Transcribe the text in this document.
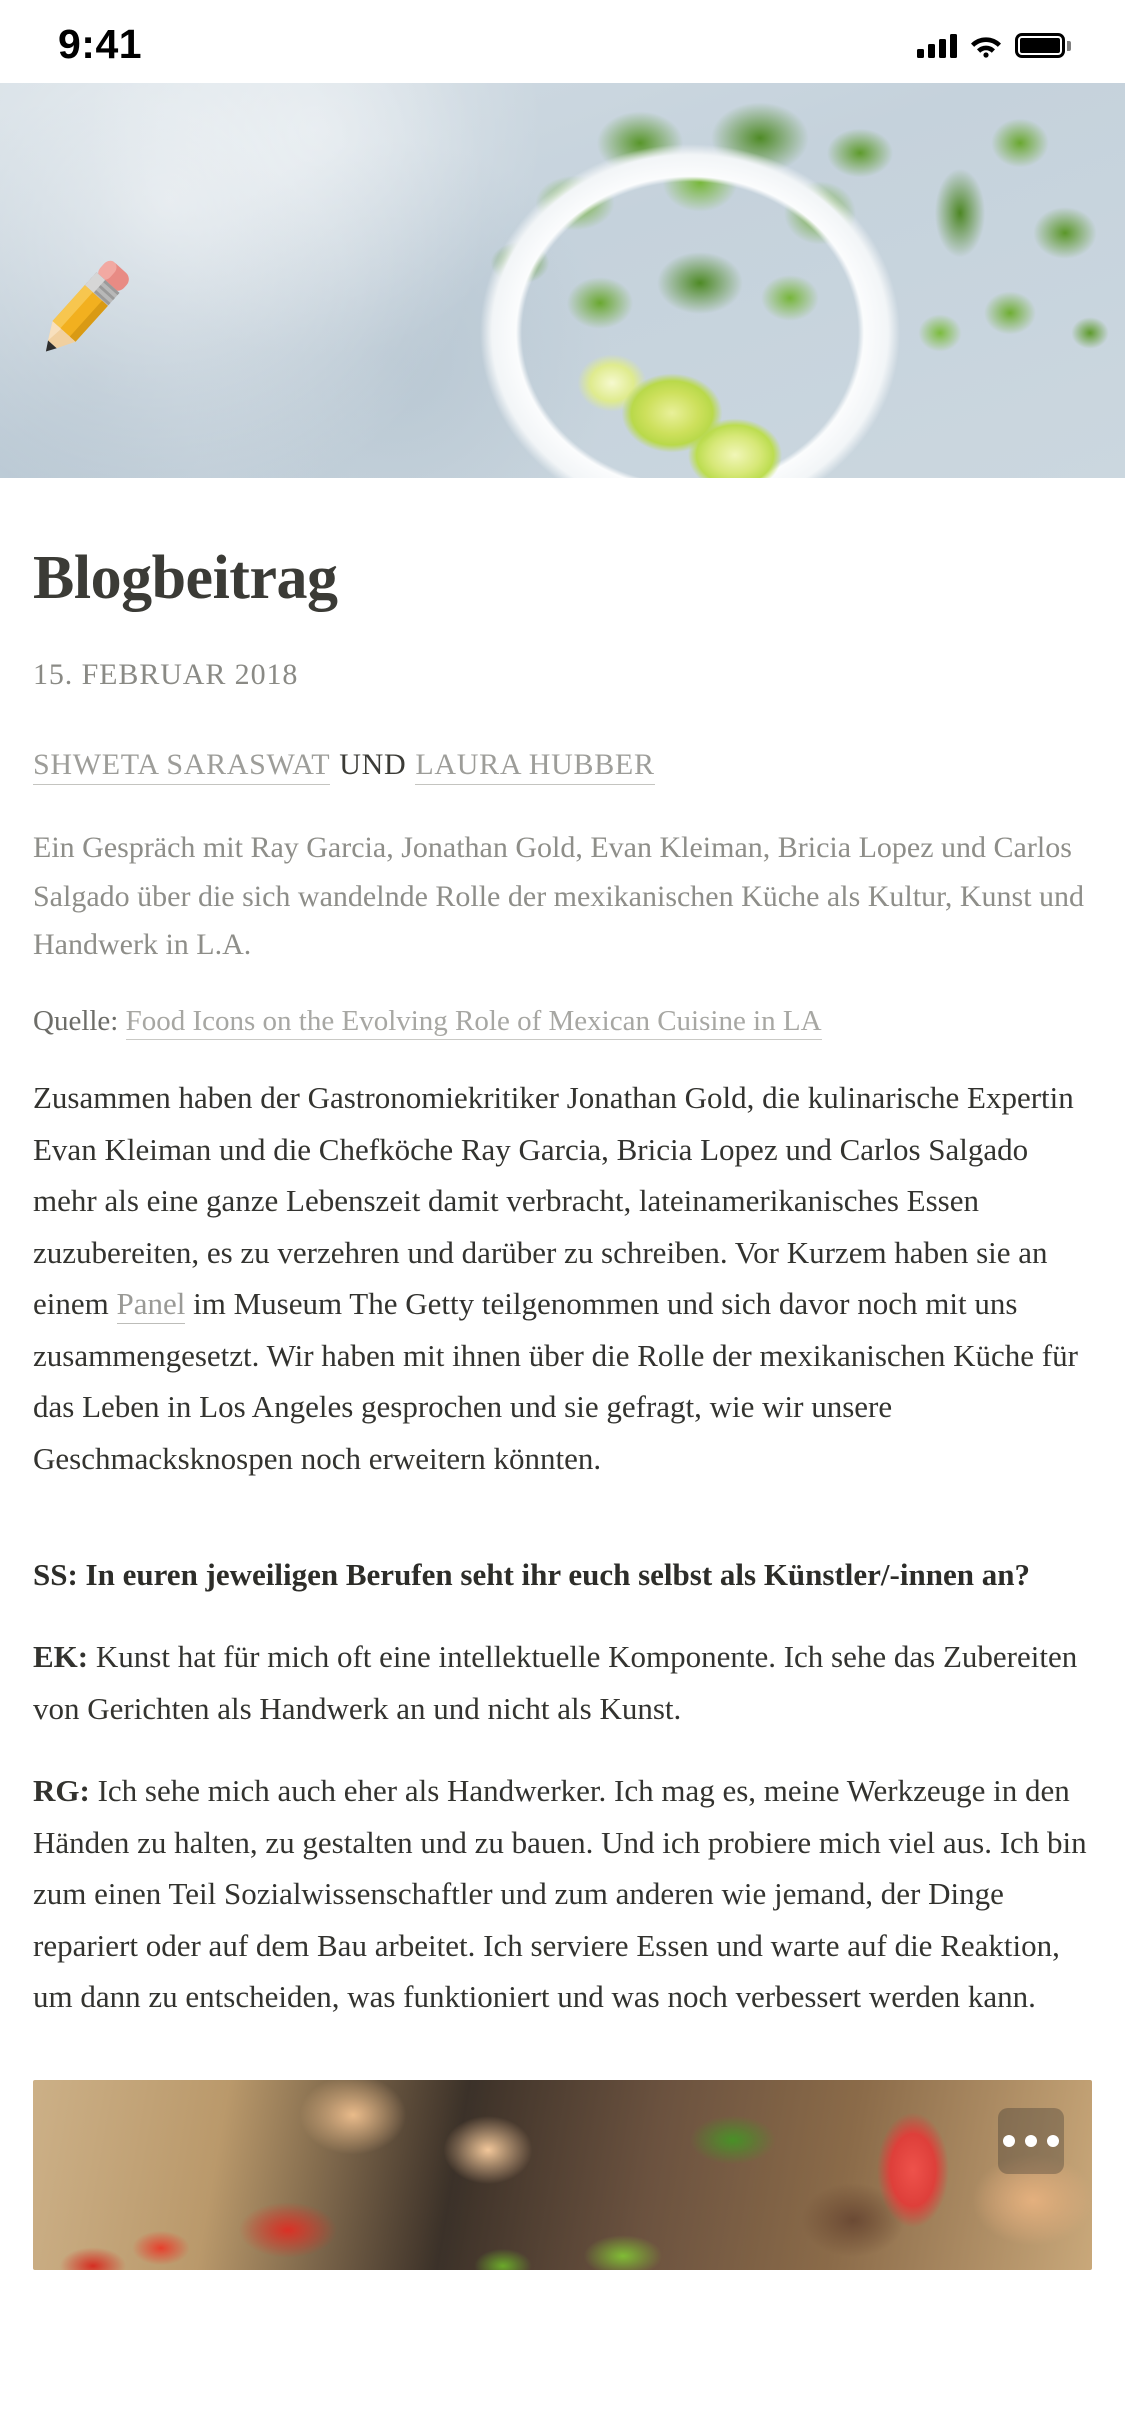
9:41
Blogbeitrag
15. FEBRUAR 2018
SHWETA SARASWAT UND LAURA HUBBER

Ein Gespräch mit Ray Garcia, Jonathan Gold, Evan Kleiman, Bricia Lopez und Carlos Salgado über die sich wandelnde Rolle der mexikanischen Küche als Kultur, Kunst und Handwerk in L.A.

Quelle: Food Icons on the Evolving Role of Mexican Cuisine in LA

Zusammen haben der Gastronomiekritiker Jonathan Gold, die kulinarische Expertin Evan Kleiman und die Chefköche Ray Garcia, Bricia Lopez und Carlos Salgado mehr als eine ganze Lebenszeit damit verbracht, lateinamerikanisches Essen zuzubereiten, es zu verzehren und darüber zu schreiben. Vor Kurzem haben sie an einem Panel im Museum The Getty teilgenommen und sich davor noch mit uns zusammengesetzt. Wir haben mit ihnen über die Rolle der mexikanischen Küche für das Leben in Los Angeles gesprochen und sie gefragt, wie wir unsere Geschmacksknospen noch erweitern könnten.

SS: In euren jeweiligen Berufen seht ihr euch selbst als Künstler/-innen an?

EK: Kunst hat für mich oft eine intellektuelle Komponente. Ich sehe das Zubereiten von Gerichten als Handwerk an und nicht als Kunst.

RG: Ich sehe mich auch eher als Handwerker. Ich mag es, meine Werkzeuge in den Händen zu halten, zu gestalten und zu bauen. Und ich probiere mich viel aus. Ich bin zum einen Teil Sozialwissenschaftler und zum anderen wie jemand, der Dinge repariert oder auf dem Bau arbeitet. Ich serviere Essen und warte auf die Reaktion, um dann zu entscheiden, was funktioniert und was noch verbessert werden kann.
